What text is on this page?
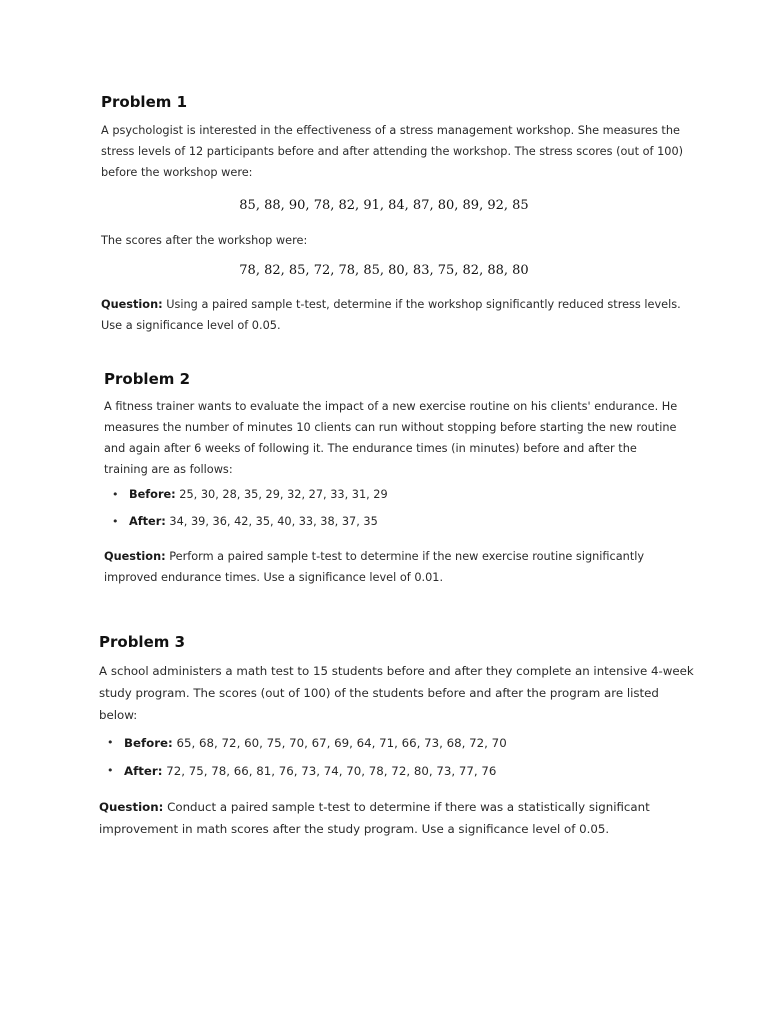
Problem 1

A psychologist is interested in the effectiveness of a stress management workshop. She measures the stress levels of 12 participants before and after attending the workshop. The stress scores (out of 100) before the workshop were:

85, 88, 90, 78, 82, 91, 84, 87, 80, 89, 92, 85

The scores after the workshop were:

78, 82, 85, 72, 78, 85, 80, 83, 75, 82, 88, 80

Question: Using a paired sample t-test, determine if the workshop significantly reduced stress levels. Use a significance level of 0.05.

Problem 2

A fitness trainer wants to evaluate the impact of a new exercise routine on his clients' endurance. He measures the number of minutes 10 clients can run without stopping before starting the new routine and again after 6 weeks of following it. The endurance times (in minutes) before and after the training are as follows:

• Before: 25, 30, 28, 35, 29, 32, 27, 33, 31, 29
• After: 34, 39, 36, 42, 35, 40, 33, 38, 37, 35

Question: Perform a paired sample t-test to determine if the new exercise routine significantly improved endurance times. Use a significance level of 0.01.

Problem 3

A school administers a math test to 15 students before and after they complete an intensive 4-week study program. The scores (out of 100) of the students before and after the program are listed below:

• Before: 65, 68, 72, 60, 75, 70, 67, 69, 64, 71, 66, 73, 68, 72, 70
• After: 72, 75, 78, 66, 81, 76, 73, 74, 70, 78, 72, 80, 73, 77, 76

Question: Conduct a paired sample t-test to determine if there was a statistically significant improvement in math scores after the study program. Use a significance level of 0.05.
